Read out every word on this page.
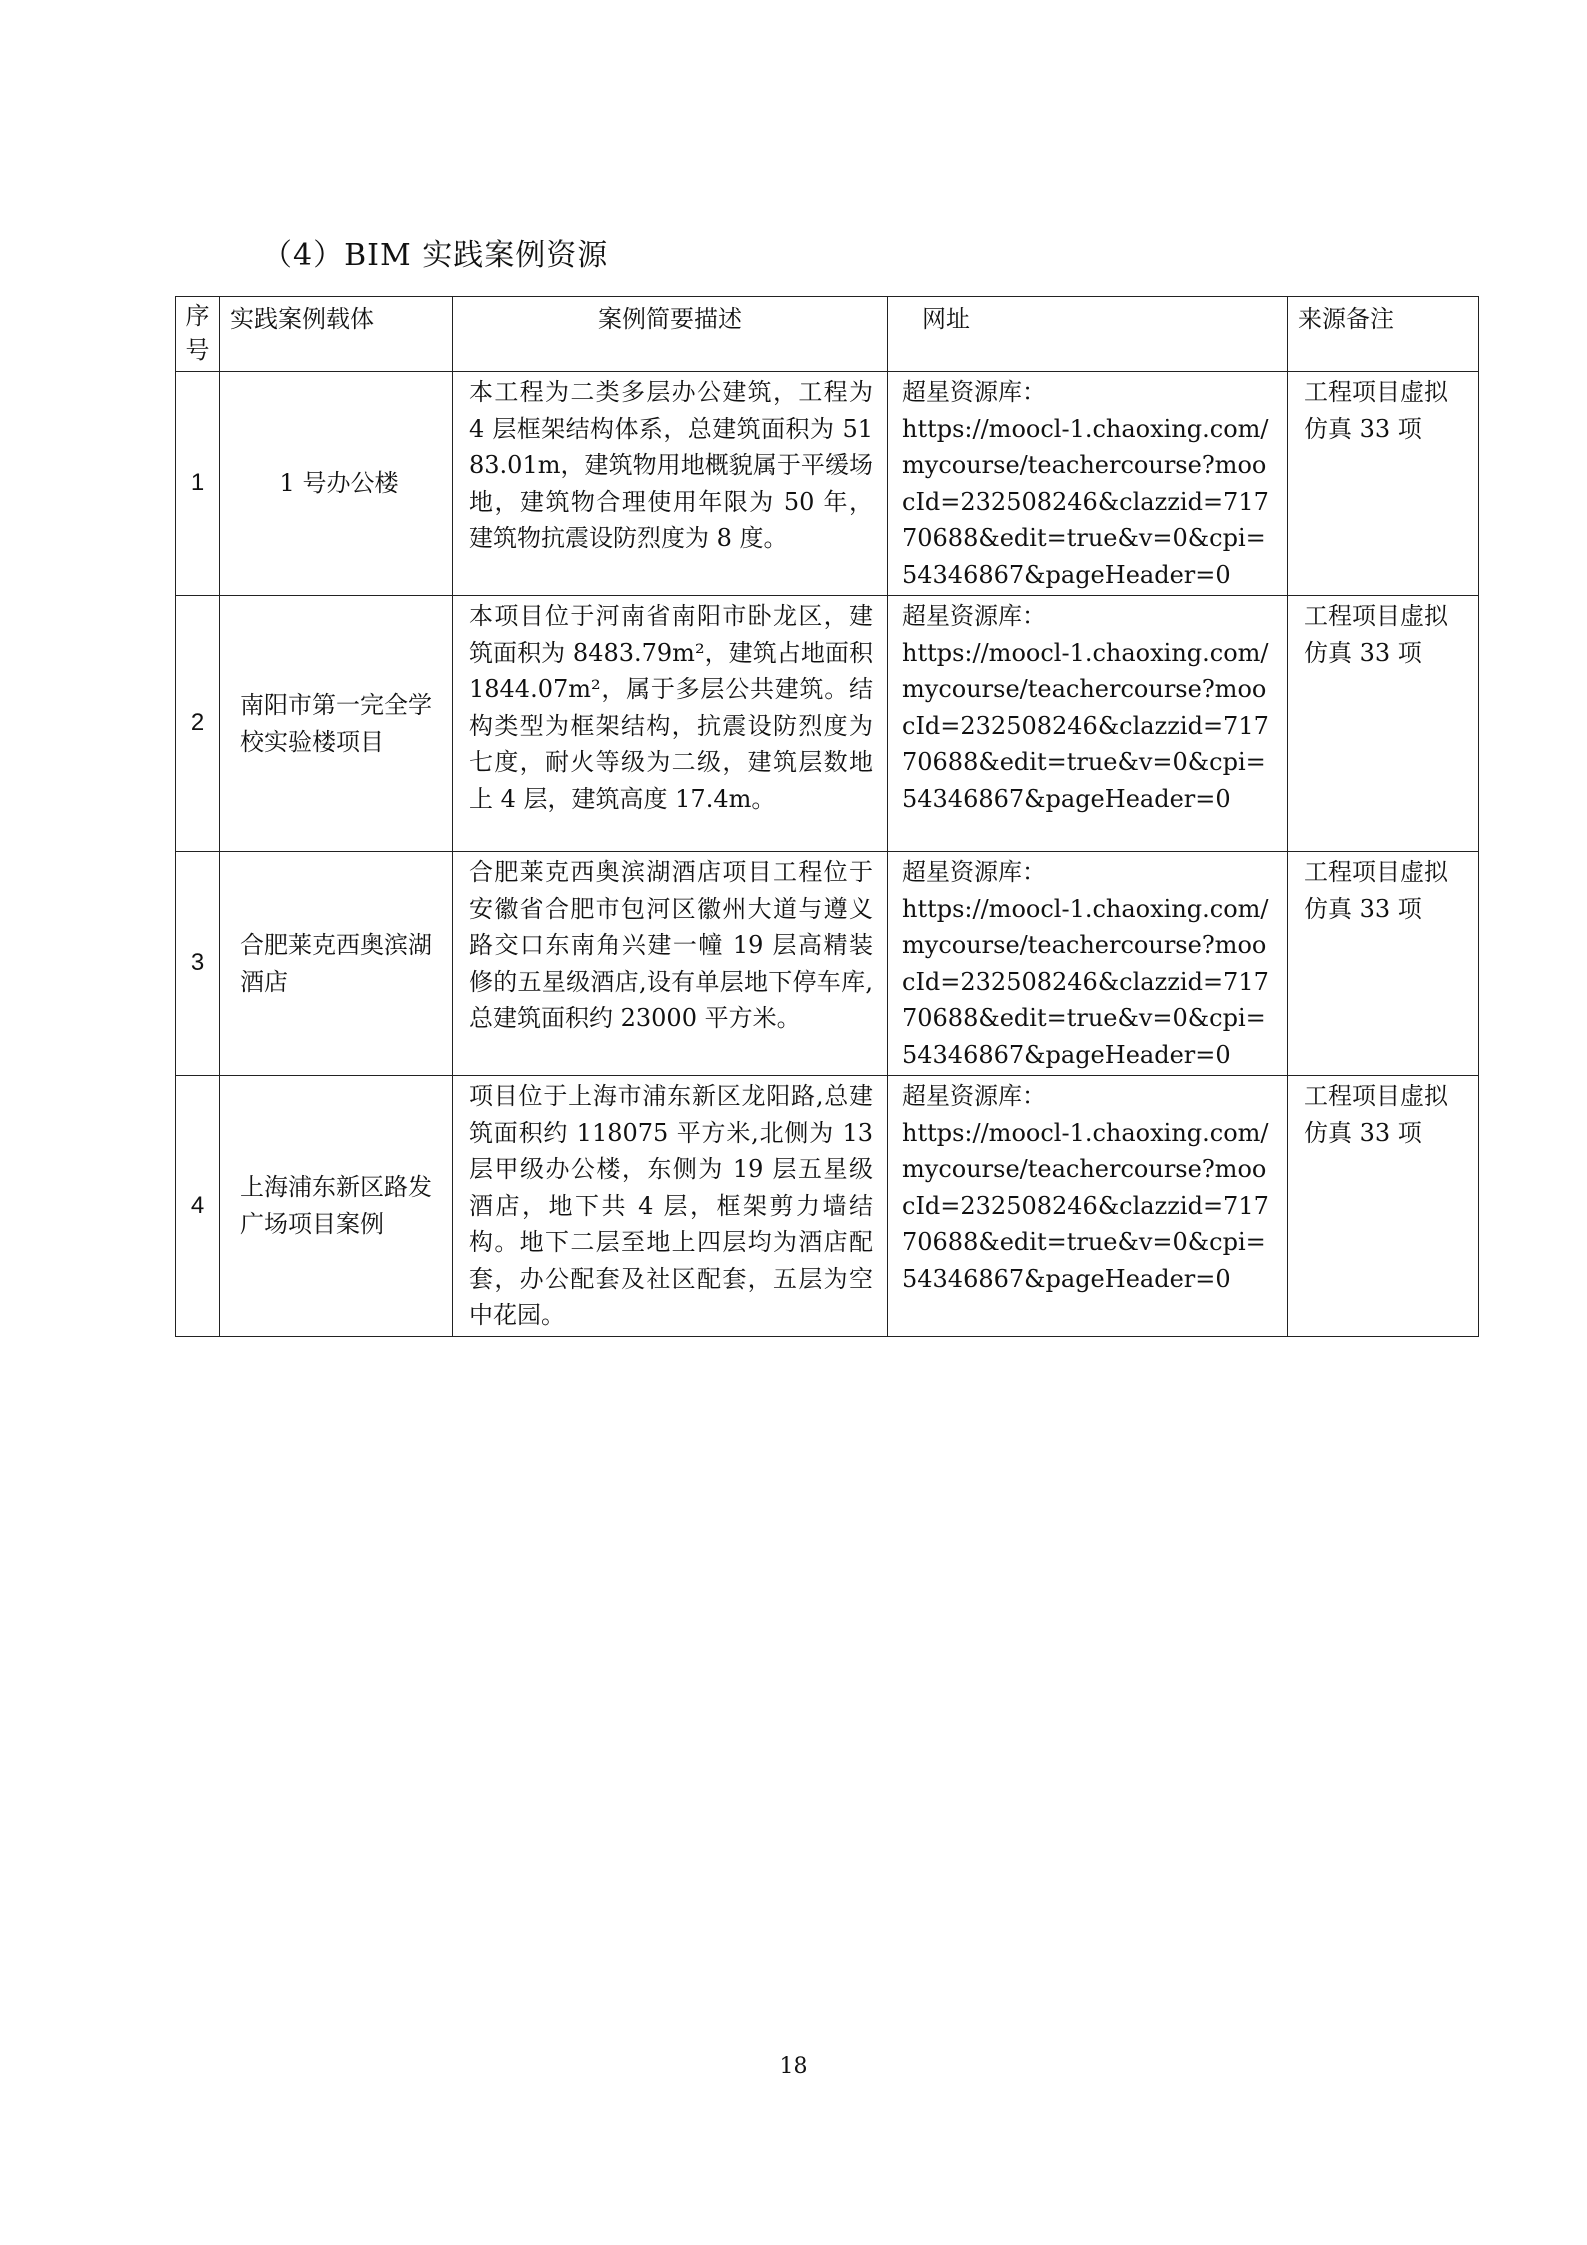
（4）BIM 实践案例资源
序号	实践案例载体	案例简要描述	网址	来源备注
1	1 号办公楼	本工程为二类多层办公建筑，工程为 4 层框架结构体系，总建筑面积为 5183.01m，建筑物用地概貌属于平缓场地，建筑物合理使用年限为 50 年，建筑物抗震设防烈度为 8 度。	超星资源库：
https://moocl-1.chaoxing.com/mycourse/teachercourse?moocId=232508246&clazzid=71770688&edit=true&v=0&cpi=54346867&pageHeader=0	工程项目虚拟仿真 33 项
2	南阳市第一完全学校实验楼项目	本项目位于河南省南阳市卧龙区，建筑面积为 8483.79m²，建筑占地面积 1844.07m²，属于多层公共建筑。结构类型为框架结构，抗震设防烈度为七度，耐火等级为二级，建筑层数地上 4 层，建筑高度 17.4m。	超星资源库：
https://moocl-1.chaoxing.com/mycourse/teachercourse?moocId=232508246&clazzid=71770688&edit=true&v=0&cpi=54346867&pageHeader=0	工程项目虚拟仿真 33 项
3	合肥莱克西奥滨湖酒店	合肥莱克西奥滨湖酒店项目工程位于安徽省合肥市包河区徽州大道与遵义路交口东南角兴建一幢 19 层高精装修的五星级酒店,设有单层地下停车库,总建筑面积约 23000 平方米。	超星资源库：
https://moocl-1.chaoxing.com/mycourse/teachercourse?moocId=232508246&clazzid=71770688&edit=true&v=0&cpi=54346867&pageHeader=0	工程项目虚拟仿真 33 项
4	上海浦东新区路发广场项目案例	项目位于上海市浦东新区龙阳路,总建筑面积约 118075 平方米,北侧为 13 层甲级办公楼，东侧为 19 层五星级酒店，地下共 4 层，框架剪力墙结构。地下二层至地上四层均为酒店配套，办公配套及社区配套，五层为空中花园。	超星资源库：
https://moocl-1.chaoxing.com/mycourse/teachercourse?moocId=232508246&clazzid=71770688&edit=true&v=0&cpi=54346867&pageHeader=0	工程项目虚拟仿真 33 项
18
